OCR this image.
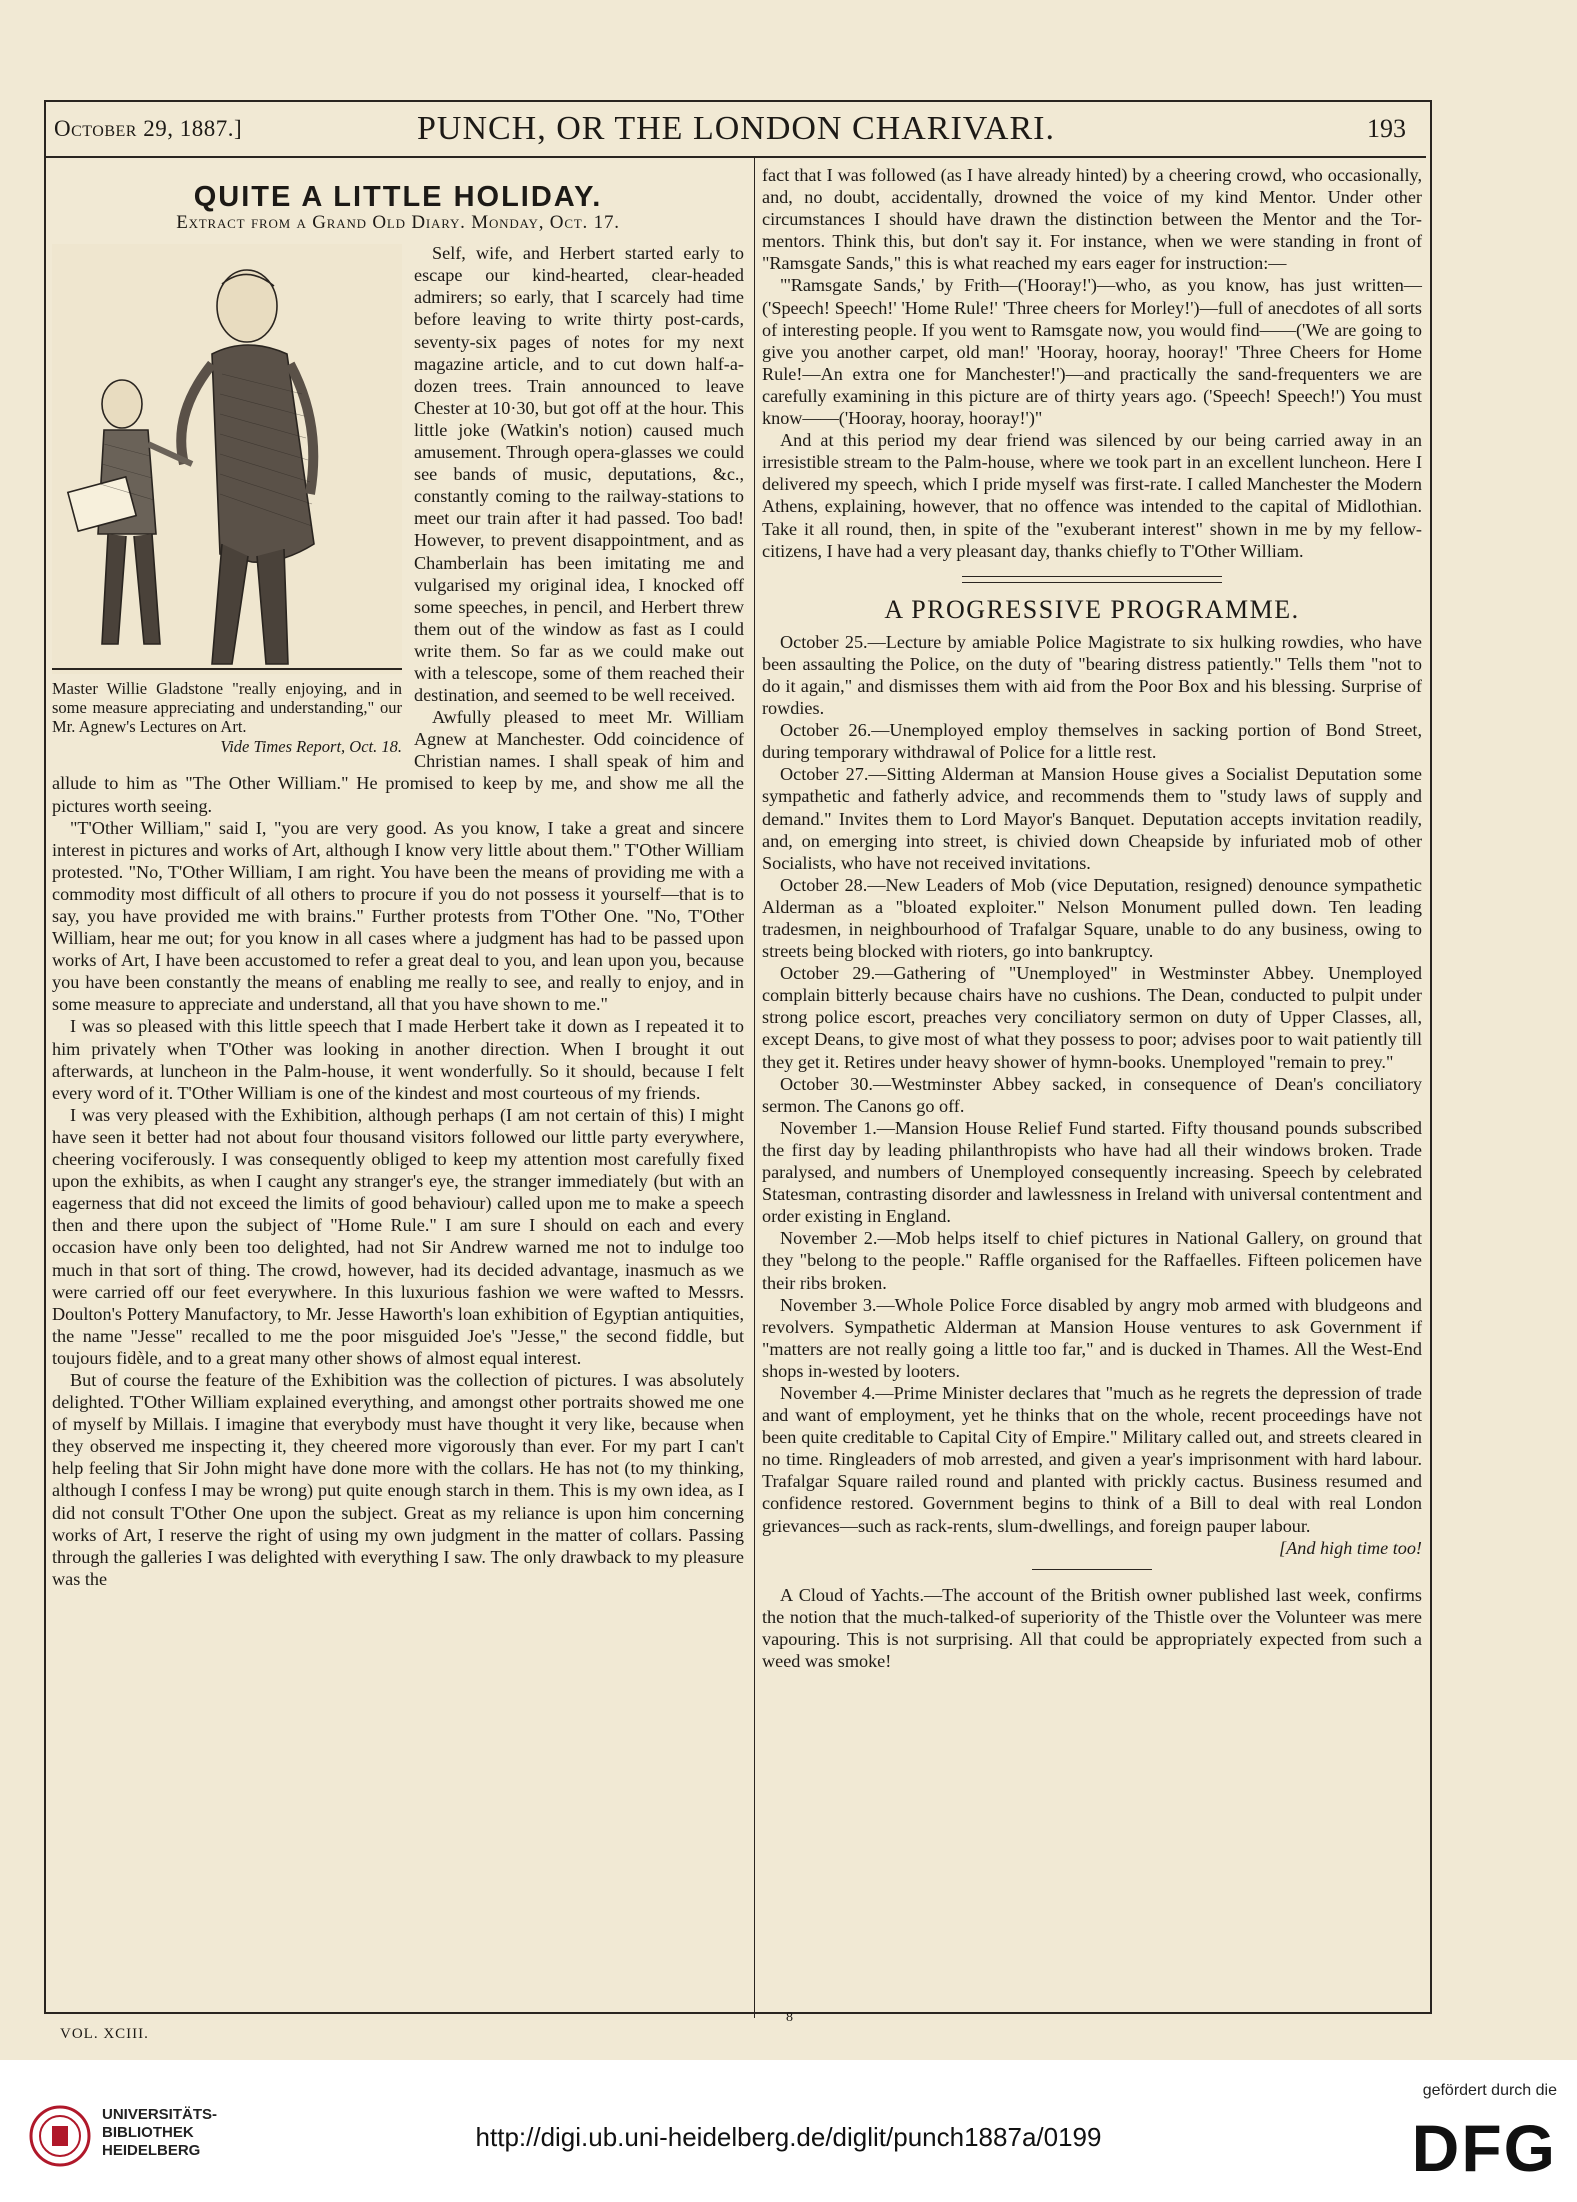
October 29, 1887.]	PUNCH, OR THE LONDON CHARIVARI.	193
QUITE A LITTLE HOLIDAY.
Extract from a Grand Old Diary. Monday, Oct. 17.
Master Willie Gladstone "really enjoying, and in some measure appreciating and understanding," our Mr. Agnew's Lectures on Art.
Vide Times Report, Oct. 18.

Self, wife, and Herbert started early to escape our kind-hearted, clear-headed admirers; so early, that I scarcely had time before leaving to write thirty post-cards, seventy-six pages of notes for my next magazine article, and to cut down half-a-dozen trees. Train announced to leave Chester at 10·30, but got off at the hour. This little joke (Watkin's notion) caused much amusement. Through opera-glasses we could see bands of music, deputations, &c., constantly coming to the railway-stations to meet our train after it had passed. Too bad! However, to prevent disappointment, and as Chamberlain has been imitating me and vulgarised my original idea, I knocked off some speeches, in pencil, and Herbert threw them out of the window as fast as I could write them. So far as we could make out with a telescope, some of them reached their destination, and seemed to be well received.

Awfully pleased to meet Mr. William Agnew at Manchester. Odd coincidence of Christian names. I shall speak of him and allude to him as "The Other William." He promised to keep by me, and show me all the pictures worth seeing.

"T'Other William," said I, "you are very good. As you know, I take a great and sincere interest in pictures and works of Art, although I know very little about them." T'Other William protested. "No, T'Other William, I am right. You have been the means of providing me with a commodity most difficult of all others to procure if you do not possess it yourself—that is to say, you have provided me with brains." Further protests from T'Other One. "No, T'Other William, hear me out; for you know in all cases where a judgment has had to be passed upon works of Art, I have been accustomed to refer a great deal to you, and lean upon you, because you have been constantly the means of enabling me really to see, and really to enjoy, and in some measure to appreciate and understand, all that you have shown to me."

I was so pleased with this little speech that I made Herbert take it down as I repeated it to him privately when T'Other was looking in another direction. When I brought it out afterwards, at luncheon in the Palm-house, it went wonderfully. So it should, because I felt every word of it. T'Other William is one of the kindest and most courteous of my friends.

I was very pleased with the Exhibition, although perhaps (I am not certain of this) I might have seen it better had not about four thousand visitors followed our little party everywhere, cheering vociferously. I was consequently obliged to keep my attention most carefully fixed upon the exhibits, as when I caught any stranger's eye, the stranger immediately (but with an eagerness that did not exceed the limits of good behaviour) called upon me to make a speech then and there upon the subject of "Home Rule." I am sure I should on each and every occasion have only been too delighted, had not Sir Andrew warned me not to indulge too much in that sort of thing. The crowd, however, had its decided advantage, inasmuch as we were carried off our feet everywhere. In this luxurious fashion we were wafted to Messrs. Doulton's Pottery Manufactory, to Mr. Jesse Haworth's loan exhibition of Egyptian antiquities, the name "Jesse" recalled to me the poor misguided Joe's "Jesse," the second fiddle, but toujours fidèle, and to a great many other shows of almost equal interest.

But of course the feature of the Exhibition was the collection of pictures. I was absolutely delighted. T'Other William explained everything, and amongst other portraits showed me one of myself by Millais. I imagine that everybody must have thought it very like, because when they observed me inspecting it, they cheered more vigorously than ever. For my part I can't help feeling that Sir John might have done more with the collars. He has not (to my thinking, although I confess I may be wrong) put quite enough starch in them. This is my own idea, as I did not consult T'Other One upon the subject. Great as my reliance is upon him concerning works of Art, I reserve the right of using my own judgment in the matter of collars. Passing through the galleries I was delighted with everything I saw. The only drawback to my pleasure was the

fact that I was followed (as I have already hinted) by a cheering crowd, who occasionally, and, no doubt, accidentally, drowned the voice of my kind Mentor. Under other circumstances I should have drawn the distinction between the Mentor and the Tor-mentors. Think this, but don't say it. For instance, when we were standing in front of "Ramsgate Sands," this is what reached my ears eager for instruction:—

"'Ramsgate Sands,' by Frith—('Hooray!')—who, as you know, has just written—('Speech! Speech!' 'Home Rule!' 'Three cheers for Morley!')—full of anecdotes of all sorts of interesting people. If you went to Ramsgate now, you would find——('We are going to give you another carpet, old man!' 'Hooray, hooray, hooray!' 'Three Cheers for Home Rule!—An extra one for Manchester!')—and practically the sand-frequenters we are carefully examining in this picture are of thirty years ago. ('Speech! Speech!') You must know——('Hooray, hooray, hooray!')"

And at this period my dear friend was silenced by our being carried away in an irresistible stream to the Palm-house, where we took part in an excellent luncheon. Here I delivered my speech, which I pride myself was first-rate. I called Manchester the Modern Athens, explaining, however, that no offence was intended to the capital of Midlothian. Take it all round, then, in spite of the "exuberant interest" shown in me by my fellow-citizens, I have had a very pleasant day, thanks chiefly to T'Other William.

A PROGRESSIVE PROGRAMME.

October 25.—Lecture by amiable Police Magistrate to six hulking rowdies, who have been assaulting the Police, on the duty of "bearing distress patiently." Tells them "not to do it again," and dismisses them with aid from the Poor Box and his blessing. Surprise of rowdies.

October 26.—Unemployed employ themselves in sacking portion of Bond Street, during temporary withdrawal of Police for a little rest.

October 27.—Sitting Alderman at Mansion House gives a Socialist Deputation some sympathetic and fatherly advice, and recommends them to "study laws of supply and demand." Invites them to Lord Mayor's Banquet. Deputation accepts invitation readily, and, on emerging into street, is chivied down Cheapside by infuriated mob of other Socialists, who have not received invitations.

October 28.—New Leaders of Mob (vice Deputation, resigned) denounce sympathetic Alderman as a "bloated exploiter." Nelson Monument pulled down. Ten leading tradesmen, in neighbourhood of Trafalgar Square, unable to do any business, owing to streets being blocked with rioters, go into bankruptcy.

October 29.—Gathering of "Unemployed" in Westminster Abbey. Unemployed complain bitterly because chairs have no cushions. The Dean, conducted to pulpit under strong police escort, preaches very conciliatory sermon on duty of Upper Classes, all, except Deans, to give most of what they possess to poor; advises poor to wait patiently till they get it. Retires under heavy shower of hymn-books. Unemployed "remain to prey."

October 30.—Westminster Abbey sacked, in consequence of Dean's conciliatory sermon. The Canons go off.

November 1.—Mansion House Relief Fund started. Fifty thousand pounds subscribed the first day by leading philanthropists who have had all their windows broken. Trade paralysed, and numbers of Unemployed consequently increasing. Speech by celebrated Statesman, contrasting disorder and lawlessness in Ireland with universal contentment and order existing in England.

November 2.—Mob helps itself to chief pictures in National Gallery, on ground that they "belong to the people." Raffle organised for the Raffaelles. Fifteen policemen have their ribs broken.

November 3.—Whole Police Force disabled by angry mob armed with bludgeons and revolvers. Sympathetic Alderman at Mansion House ventures to ask Government if "matters are not really going a little too far," and is ducked in Thames. All the West-End shops in-wested by looters.

November 4.—Prime Minister declares that "much as he regrets the depression of trade and want of employment, yet he thinks that on the whole, recent proceedings have not been quite creditable to Capital City of Empire." Military called out, and streets cleared in no time. Ringleaders of mob arrested, and given a year's imprisonment with hard labour. Trafalgar Square railed round and planted with prickly cactus. Business resumed and confidence restored. Government begins to think of a Bill to deal with real London grievances—such as rack-rents, slum-dwellings, and foreign pauper labour.

[And high time too!

A Cloud of Yachts.—The account of the British owner published last week, confirms the notion that the much-talked-of superiority of the Thistle over the Volunteer was mere vapouring. This is not surprising. All that could be appropriately expected from such a weed was smoke!

VOL. XCIII.
8
UNIVERSITÄTS-
BIBLIOTHEK
HEIDELBERG	http://digi.ub.uni-heidelberg.de/diglit/punch1887a/0199
gefördert durch die
DFG
